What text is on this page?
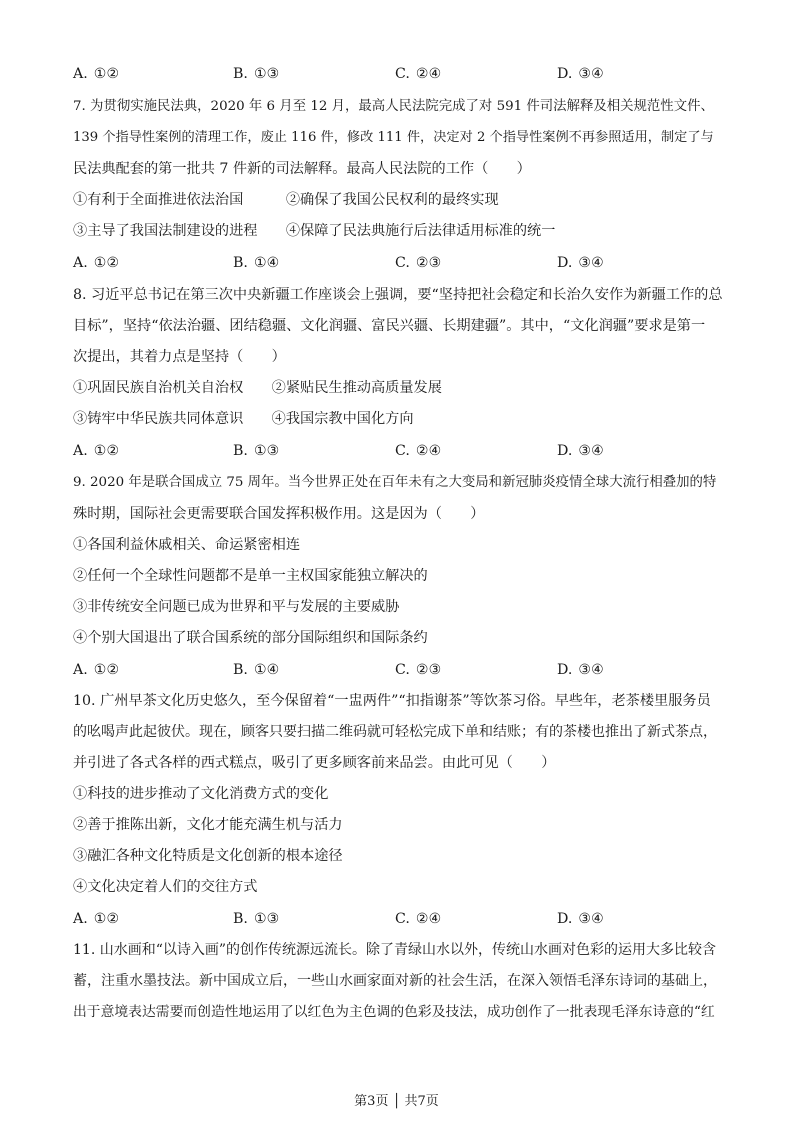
A. ①②	B. ①③	C. ②④	D. ③④
7. 为贯彻实施民法典，2020 年 6 月至 12 月，最高人民法院完成了对 591 件司法解释及相关规范性文件、
139 个指导性案例的清理工作，废止 116 件，修改 111 件，决定对 2 个指导性案例不再参照适用，制定了与
民法典配套的第一批共 7 件新的司法解释。最高人民法院的工作（　　）
①有利于全面推进依法治国　　　②确保了我国公民权利的最终实现
③主导了我国法制建设的进程　　④保障了民法典施行后法律适用标准的统一
A. ①②	B. ①④	C. ②③	D. ③④
8. 习近平总书记在第三次中央新疆工作座谈会上强调，要“坚持把社会稳定和长治久安作为新疆工作的总
目标”，坚持“依法治疆、团结稳疆、文化润疆、富民兴疆、长期建疆”。其中，“文化润疆”要求是第一
次提出，其着力点是坚持（　　）
①巩固民族自治机关自治权　　②紧贴民生推动高质量发展
③铸牢中华民族共同体意识　　④我国宗教中国化方向
A. ①②	B. ①③	C. ②④	D. ③④
9. 2020 年是联合国成立 75 周年。当今世界正处在百年未有之大变局和新冠肺炎疫情全球大流行相叠加的特
殊时期，国际社会更需要联合国发挥积极作用。这是因为（　　）
①各国利益休戚相关、命运紧密相连
②任何一个全球性问题都不是单一主权国家能独立解决的
③非传统安全问题已成为世界和平与发展的主要威胁
④个别大国退出了联合国系统的部分国际组织和国际条约
A. ①②	B. ①④	C. ②③	D. ③④
10. 广州早茶文化历史悠久，至今保留着“一盅两件”“扣指谢茶”等饮茶习俗。早些年，老茶楼里服务员
的吆喝声此起彼伏。现在，顾客只要扫描二维码就可轻松完成下单和结账；有的茶楼也推出了新式茶点，
并引进了各式各样的西式糕点，吸引了更多顾客前来品尝。由此可见（　　）
①科技的进步推动了文化消费方式的变化
②善于推陈出新，文化才能充满生机与活力
③融汇各种文化特质是文化创新的根本途径
④文化决定着人们的交往方式
A. ①②	B. ①③	C. ②④	D. ③④
11. 山水画和“以诗入画”的创作传统源远流长。除了青绿山水以外，传统山水画对色彩的运用大多比较含
蓄，注重水墨技法。新中国成立后，一些山水画家面对新的社会生活，在深入领悟毛泽东诗词的基础上，
出于意境表达需要而创造性地运用了以红色为主色调的色彩及技法，成功创作了一批表现毛泽东诗意的“红
第3页 │ 共7页
